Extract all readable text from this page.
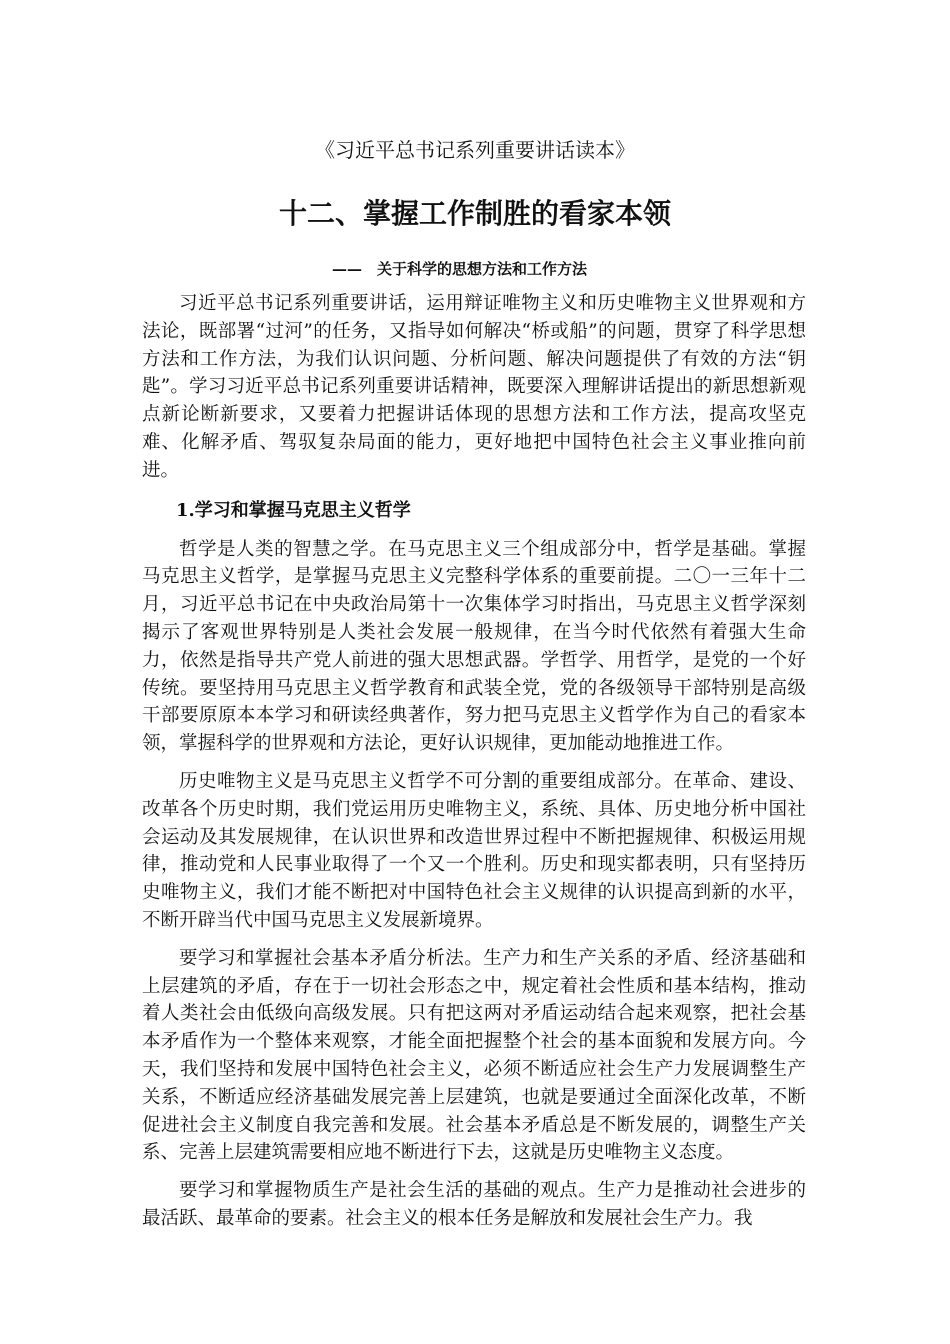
《习近平总书记系列重要讲话读本》
十二、掌握工作制胜的看家本领
——　关于科学的思想方法和工作方法

习近平总书记系列重要讲话，运用辩证唯物主义和历史唯物主义世界观和方法论，既部署“过河”的任务，又指导如何解决“桥或船”的问题，贯穿了科学思想方法和工作方法，为我们认识问题、分析问题、解决问题提供了有效的方法“钥匙”。学习习近平总书记系列重要讲话精神，既要深入理解讲话提出的新思想新观点新论断新要求，又要着力把握讲话体现的思想方法和工作方法，提高攻坚克难、化解矛盾、驾驭复杂局面的能力，更好地把中国特色社会主义事业推向前进。

1.学习和掌握马克思主义哲学

哲学是人类的智慧之学。在马克思主义三个组成部分中，哲学是基础。掌握马克思主义哲学，是掌握马克思主义完整科学体系的重要前提。二〇一三年十二月，习近平总书记在中央政治局第十一次集体学习时指出，马克思主义哲学深刻揭示了客观世界特别是人类社会发展一般规律，在当今时代依然有着强大生命力，依然是指导共产党人前进的强大思想武器。学哲学、用哲学，是党的一个好传统。要坚持用马克思主义哲学教育和武装全党，党的各级领导干部特别是高级干部要原原本本学习和研读经典著作，努力把马克思主义哲学作为自己的看家本领，掌握科学的世界观和方法论，更好认识规律，更加能动地推进工作。

历史唯物主义是马克思主义哲学不可分割的重要组成部分。在革命、建设、改革各个历史时期，我们党运用历史唯物主义，系统、具体、历史地分析中国社会运动及其发展规律，在认识世界和改造世界过程中不断把握规律、积极运用规律，推动党和人民事业取得了一个又一个胜利。历史和现实都表明，只有坚持历史唯物主义，我们才能不断把对中国特色社会主义规律的认识提高到新的水平，不断开辟当代中国马克思主义发展新境界。

要学习和掌握社会基本矛盾分析法。生产力和生产关系的矛盾、经济基础和上层建筑的矛盾，存在于一切社会形态之中，规定着社会性质和基本结构，推动着人类社会由低级向高级发展。只有把这两对矛盾运动结合起来观察，把社会基本矛盾作为一个整体来观察，才能全面把握整个社会的基本面貌和发展方向。今天，我们坚持和发展中国特色社会主义，必须不断适应社会生产力发展调整生产关系，不断适应经济基础发展完善上层建筑，也就是要通过全面深化改革，不断促进社会主义制度自我完善和发展。社会基本矛盾总是不断发展的，调整生产关系、完善上层建筑需要相应地不断进行下去，这就是历史唯物主义态度。

要学习和掌握物质生产是社会生活的基础的观点。生产力是推动社会进步的最活跃、最革命的要素。社会主义的根本任务是解放和发展社会生产力。我
